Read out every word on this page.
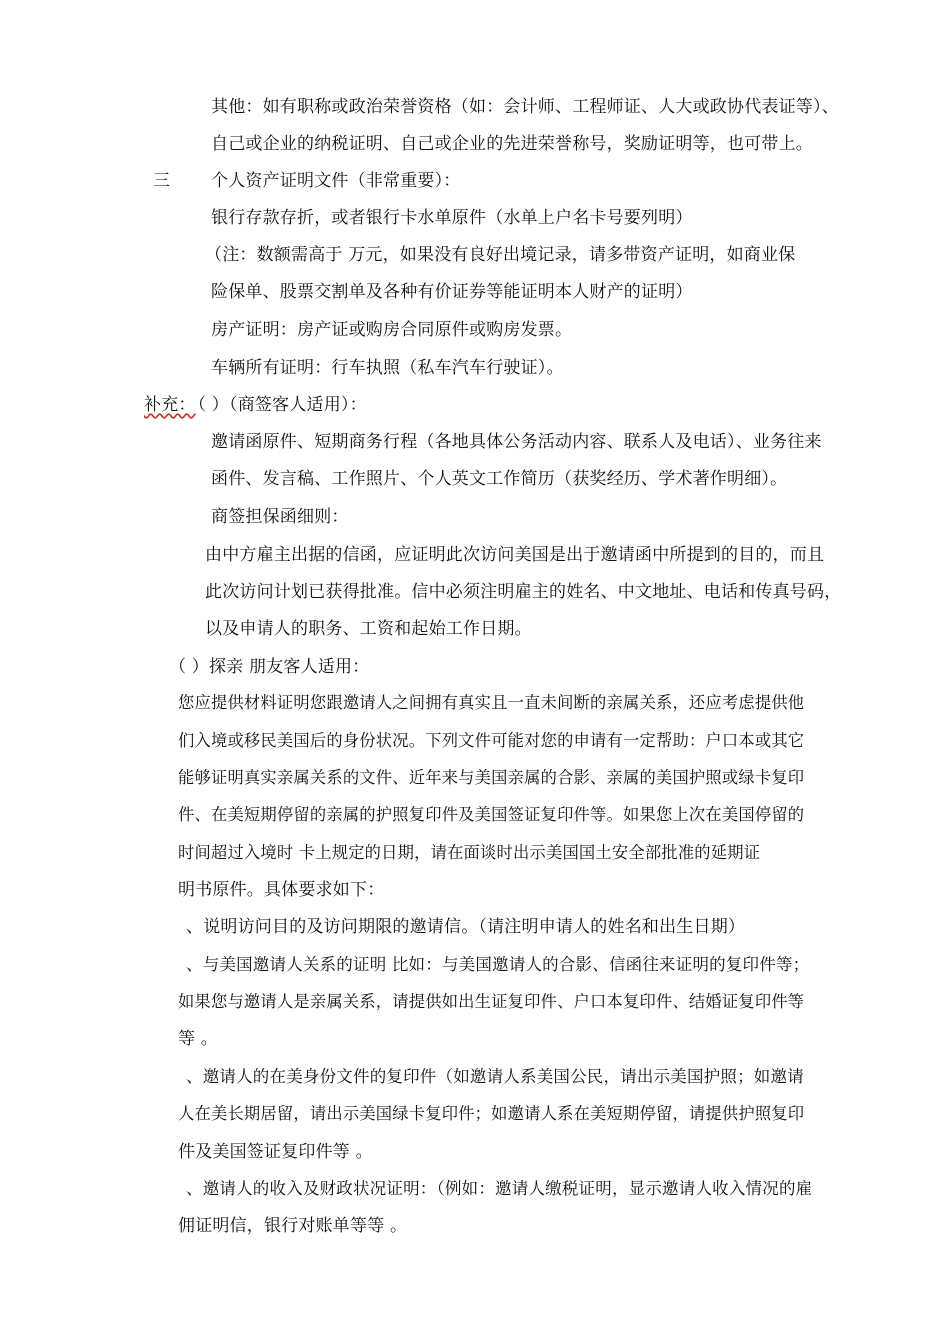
其他：如有职称或政治荣誉资格（如：会计师、工程师证、人大或政协代表证等）、
自己或企业的纳税证明、自己或企业的先进荣誉称号，奖励证明等，也可带上。
三 个人资产证明文件（非常重要）：
银行存款存折，或者银行卡水单原件（水单上户名卡号要列明）
（注：数额需高于 万元，如果没有良好出境记录，请多带资产证明，如商业保
险保单、股票交割单及各种有价证券等能证明本人财产的证明）
房产证明：房产证或购房合同原件或购房发票。
车辆所有证明：行车执照（私车汽车行驶证）。
补充：
（ ）（商签客人适用）：
邀请函原件、短期商务行程（各地具体公务活动内容、联系人及电话）、业务往来
函件、发言稿、工作照片、个人英文工作简历（获奖经历、学术著作明细）。
商签担保函细则：
由中方雇主出据的信函，应证明此次访问美国是出于邀请函中所提到的目的，而且
此次访问计划已获得批准。信中必须注明雇主的姓名、中文地址、电话和传真号码，
以及申请人的职务、工资和起始工作日期。
（ ）探亲 朋友客人适用：
您应提供材料证明您跟邀请人之间拥有真实且一直未间断的亲属关系，还应考虑提供他
们入境或移民美国后的身份状况。下列文件可能对您的申请有一定帮助：户口本或其它
能够证明真实亲属关系的文件、近年来与美国亲属的合影、亲属的美国护照或绿卡复印
件、在美短期停留的亲属的护照复印件及美国签证复印件等。如果您上次在美国停留的
时间超过入境时 卡上规定的日期，请在面谈时出示美国国土安全部批准的延期证
明书原件。具体要求如下：
、说明访问目的及访问期限的邀请信。（请注明申请人的姓名和出生日期）
、与美国邀请人关系的证明 比如：与美国邀请人的合影、信函往来证明的复印件等；
如果您与邀请人是亲属关系，请提供如出生证复印件、户口本复印件、结婚证复印件等
等 。
、邀请人的在美身份文件的复印件（如邀请人系美国公民，请出示美国护照；如邀请
人在美长期居留，请出示美国绿卡复印件；如邀请人系在美短期停留，请提供护照复印
件及美国签证复印件等 。
、邀请人的收入及财政状况证明：（例如：邀请人缴税证明，显示邀请人收入情况的雇
佣证明信，银行对账单等等 。
